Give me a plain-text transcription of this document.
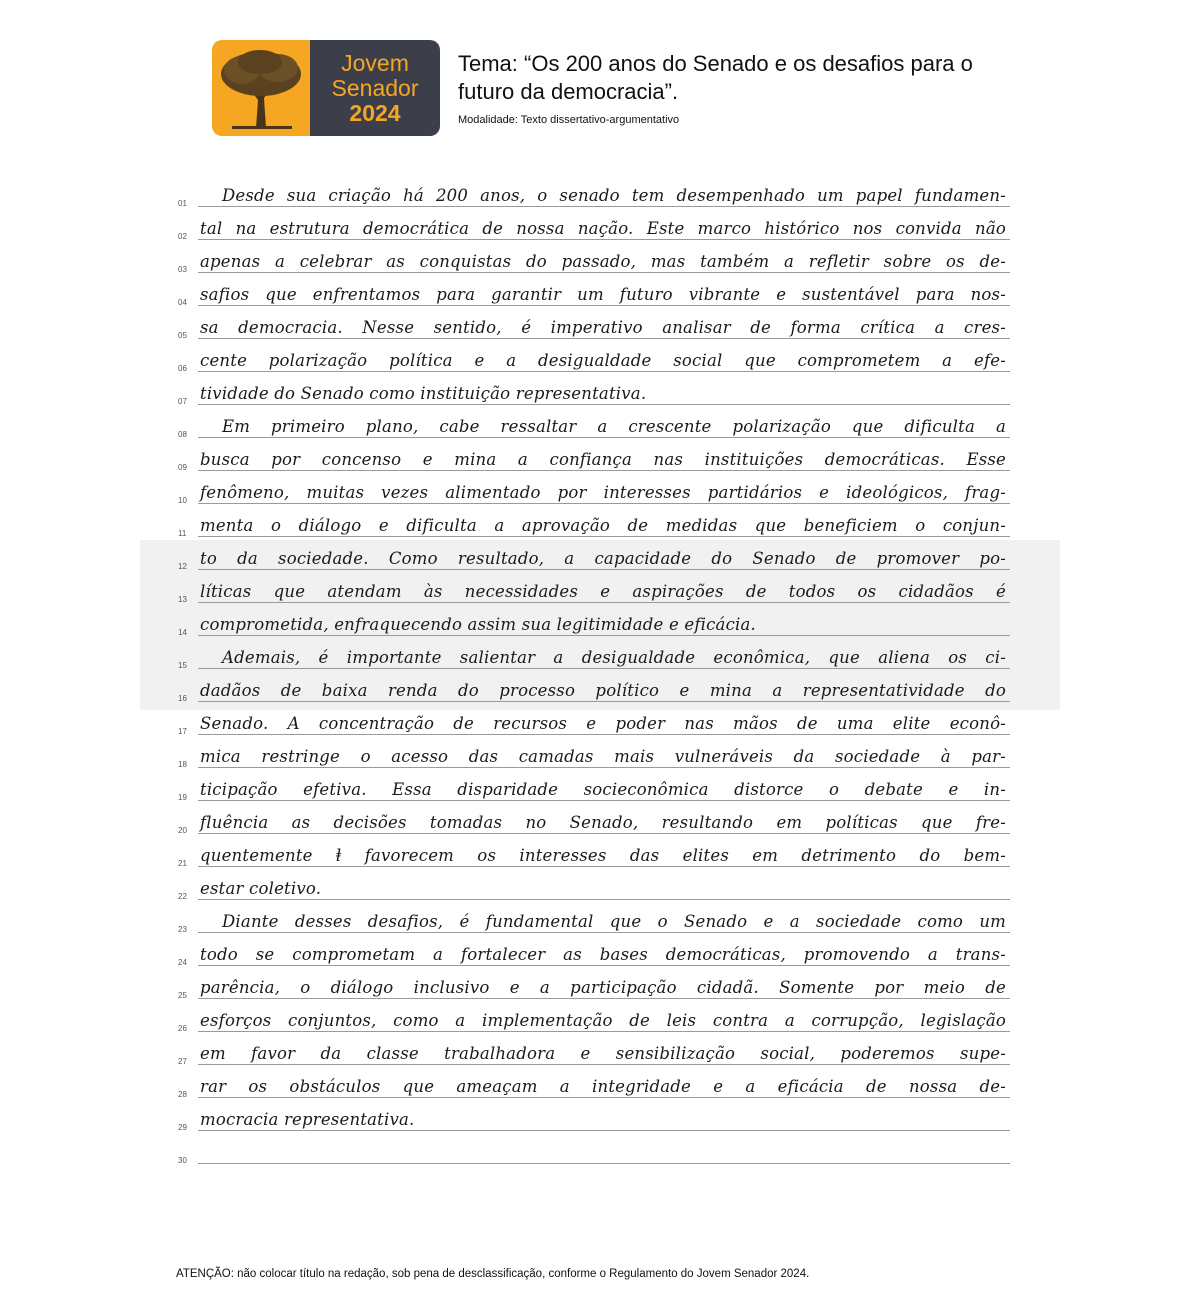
Jovem
Senador
2024
Tema: “Os 200 anos do Senado e os desafios para o futuro da democracia”.
Modalidade: Texto dissertativo-argumentativo
01 Desde sua criação há 200 anos, o senado tem desempenhado um papel fundamen-
02 tal na estrutura democrática de nossa nação. Este marco histórico nos convida não
03 apenas a celebrar as conquistas do passado, mas também a refletir sobre os de-
04 safios que enfrentamos para garantir um futuro vibrante e sustentável para nos-
05 sa democracia. Nesse sentido, é imperativo analisar de forma crítica a cres-
06 cente polarização política e a desigualdade social que comprometem a efe-
07 tividade do Senado como instituição representativa.
08 Em primeiro plano, cabe ressaltar a crescente polarização que dificulta a
09 busca por concenso e mina a confiança nas instituições democráticas. Esse
10 fenômeno, muitas vezes alimentado por interesses partidários e ideológicos, frag-
11 menta o diálogo e dificulta a aprovação de medidas que beneficiem o conjun-
12 to da sociedade. Como resultado, a capacidade do Senado de promover po-
13 líticas que atendam às necessidades e aspirações de todos os cidadãos é
14 comprometida, enfraquecendo assim sua legitimidade e eficácia.
15 Ademais, é importante salientar a desigualdade econômica, que aliena os ci-
16 dadãos de baixa renda do processo político e mina a representatividade do
17 Senado. A concentração de recursos e poder nas mãos de uma elite econô-
18 mica restringe o acesso das camadas mais vulneráveis da sociedade à par-
19 ticipação efetiva. Essa disparidade socieconômica distorce o debate e in-
20 fluência as decisões tomadas no Senado, resultando em políticas que fre-
21 quentemente ⱡ favorecem os interesses das elites em detrimento do bem-
22 estar coletivo.
23 Diante desses desafios, é fundamental que o Senado e a sociedade como um
24 todo se comprometam a fortalecer as bases democráticas, promovendo a trans-
25 parência, o diálogo inclusivo e a participação cidadã. Somente por meio de
26 esforços conjuntos, como a implementação de leis contra a corrupção, legislação
27 em favor da classe trabalhadora e sensibilização social, poderemos supe-
28 rar os obstáculos que ameaçam a integridade e a eficácia de nossa de-
29 mocracia representativa.
30
ATENÇÃO: não colocar título na redação, sob pena de desclassificação, conforme o Regulamento do Jovem Senador 2024.
